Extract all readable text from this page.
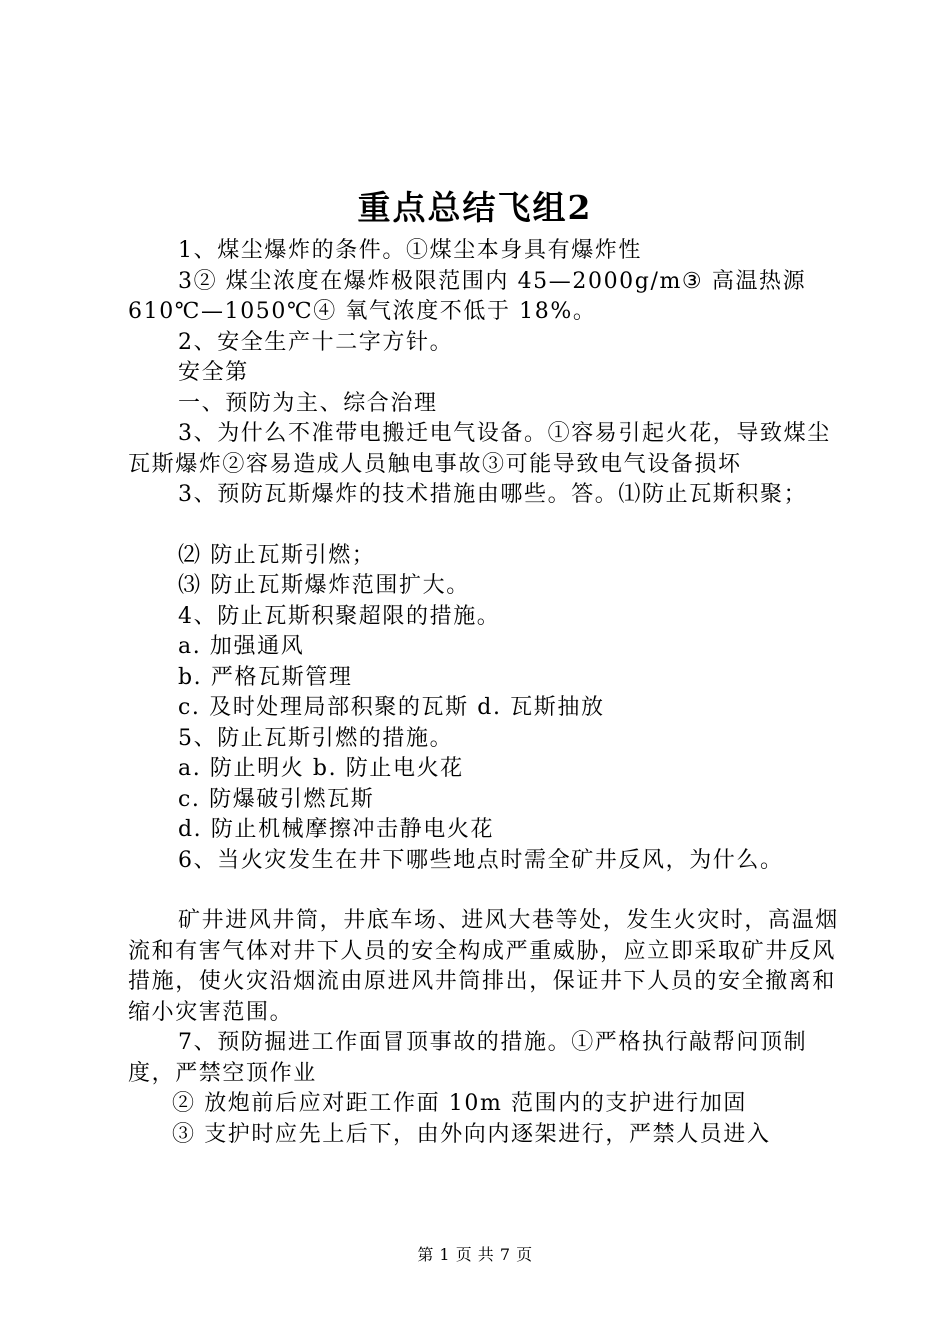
重点总结飞组2

1、煤尘爆炸的条件。①煤尘本身具有爆炸性

3② 煤尘浓度在爆炸极限范围内 45—2000g/m③ 高温热源610℃—1050℃④ 氧气浓度不低于 18%。

2、安全生产十二字方针。

安全第

一、预防为主、综合治理

3、为什么不准带电搬迁电气设备。①容易引起火花，导致煤尘瓦斯爆炸②容易造成人员触电事故③可能导致电气设备损坏

3、预防瓦斯爆炸的技术措施由哪些。答。⑴防止瓦斯积聚；

⑵ 防止瓦斯引燃；

⑶ 防止瓦斯爆炸范围扩大。

4、防止瓦斯积聚超限的措施。

a. 加强通风

b. 严格瓦斯管理

c. 及时处理局部积聚的瓦斯 d. 瓦斯抽放

5、防止瓦斯引燃的措施。

a. 防止明火 b. 防止电火花

c. 防爆破引燃瓦斯

d. 防止机械摩擦冲击静电火花

6、当火灾发生在井下哪些地点时需全矿井反风，为什么。

矿井进风井筒，井底车场、进风大巷等处，发生火灾时，高温烟流和有害气体对井下人员的安全构成严重威胁，应立即采取矿井反风措施，使火灾沿烟流由原进风井筒排出，保证井下人员的安全撤离和缩小灾害范围。

7、预防掘进工作面冒顶事故的措施。①严格执行敲帮问顶制度，严禁空顶作业

② 放炮前后应对距工作面 10m 范围内的支护进行加固

③ 支护时应先上后下，由外向内逐架进行，严禁人员进入

第 1 页 共 7 页
